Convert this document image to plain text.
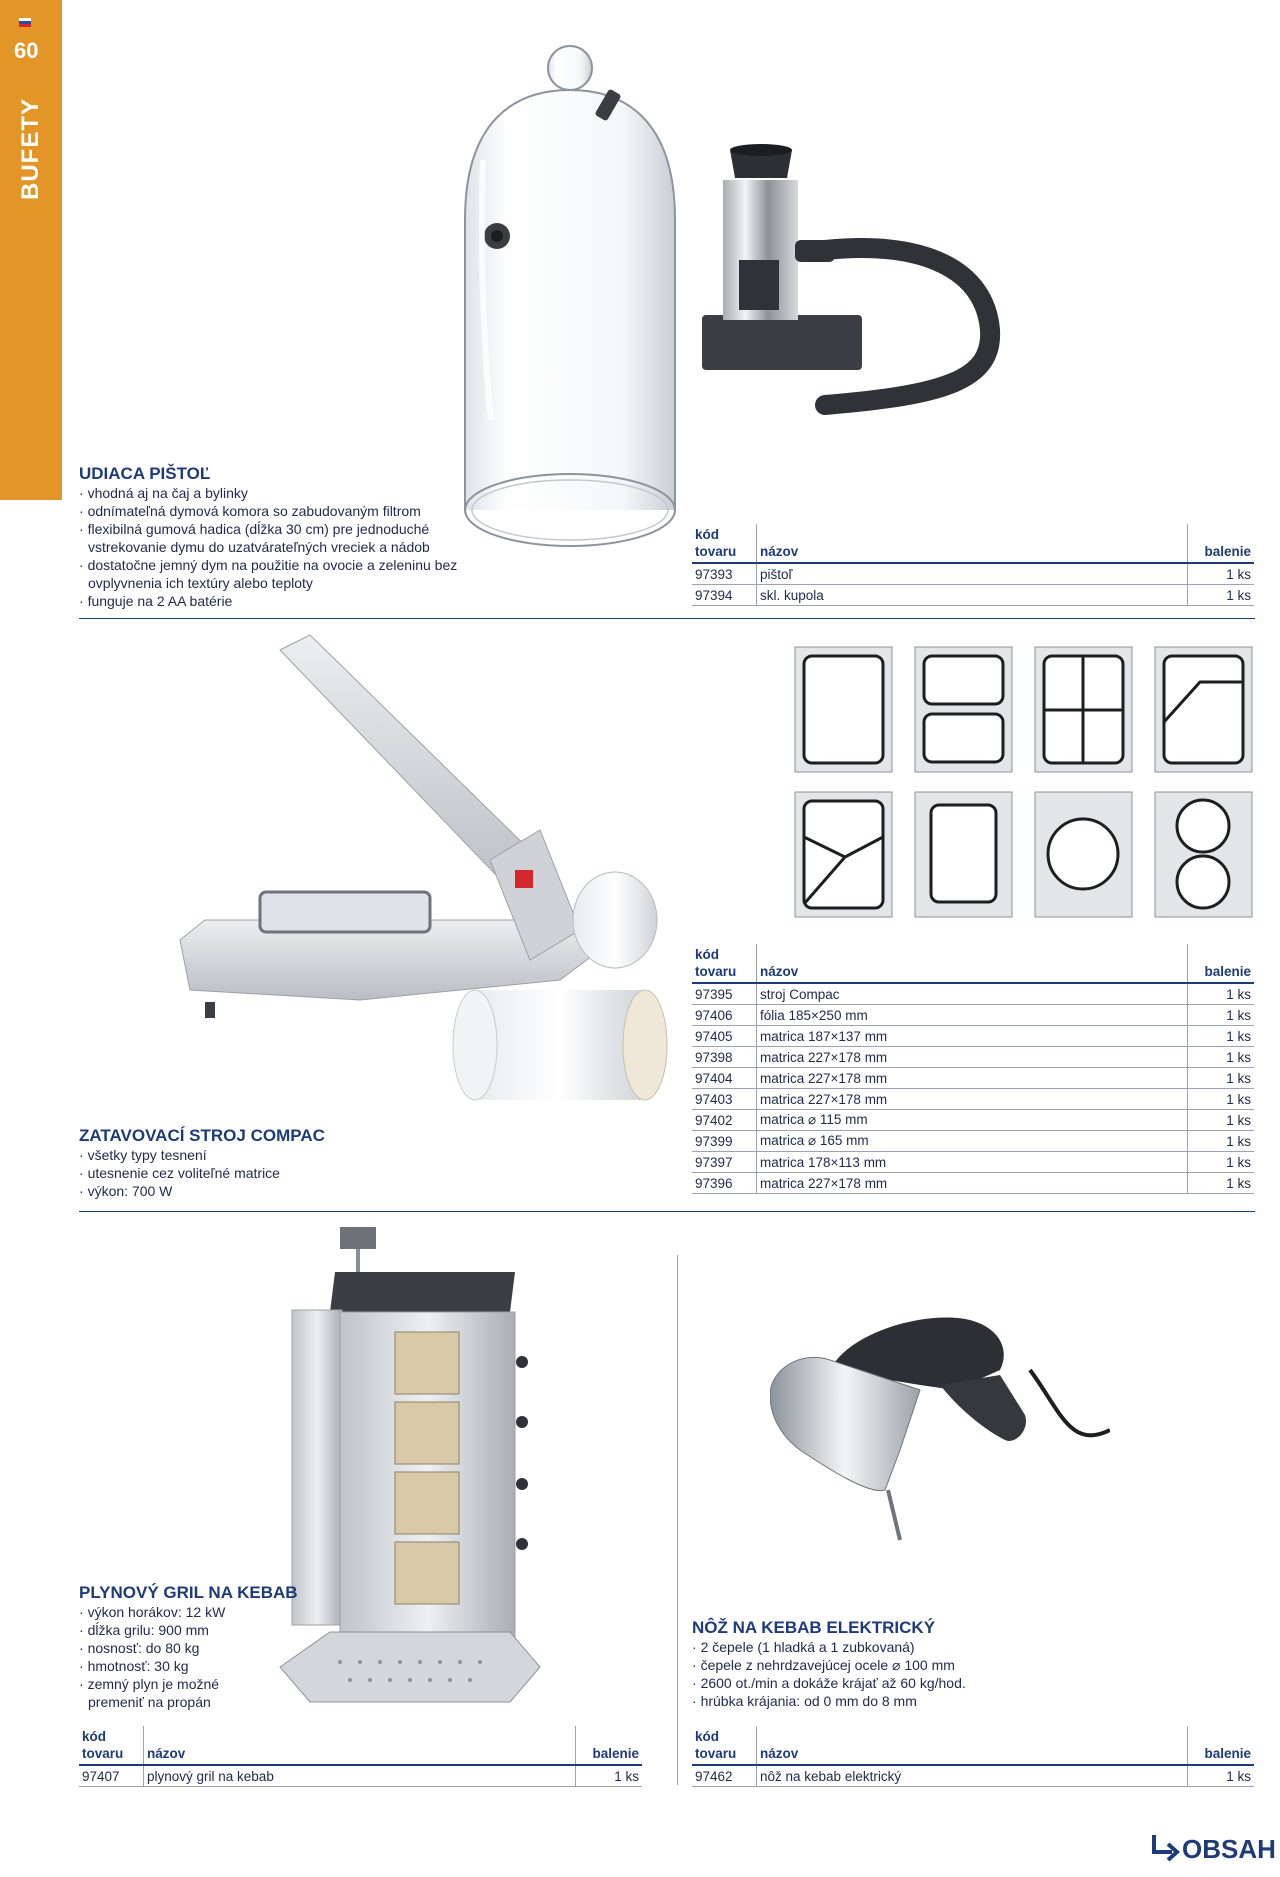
60
BUFETY
UDIACA PIŠTOĽ
· vhodná aj na čaj a bylinky
· odnímateľná dymová komora so zabudovaným filtrom
· flexibilná gumová hadica (dĺžka 30 cm) pre jednoduché vstrekovanie dymu do uzatvárateľných vreciek a nádob
· dostatočne jemný dym na použitie na ovocie a zeleninu bez ovplyvnenia ich textúry alebo teploty
· funguje na 2 AA batérie
kód tovaru	názov	balenie
97393	pištoľ	1 ks
97394	skl. kupola	1 ks
ZATAVOVACÍ STROJ COMPAC
· všetky typy tesnení
· utesnenie cez voliteľné matrice
· výkon: 700 W
kód tovaru	názov	balenie
97395	stroj Compac	1 ks
97406	fólia 185×250 mm	1 ks
97405	matrica 187×137 mm	1 ks
97398	matrica 227×178 mm	1 ks
97404	matrica 227×178 mm	1 ks
97403	matrica 227×178 mm	1 ks
97402	matrica ⌀ 115 mm	1 ks
97399	matrica ⌀ 165 mm	1 ks
97397	matrica 178×113 mm	1 ks
97396	matrica 227×178 mm	1 ks
PLYNOVÝ GRIL NA KEBAB
· výkon horákov: 12 kW
· dĺžka grilu: 900 mm
· nosnosť: do 80 kg
· hmotnosť: 30 kg
· zemný plyn je možné premeniť na propán
kód tovaru	názov	balenie
97407	plynový gril na kebab	1 ks
NÔŽ NA KEBAB ELEKTRICKÝ
· 2 čepele (1 hladká a 1 zubkovaná)
· čepele z nehrdzavejúcej ocele ⌀ 100 mm
· 2600 ot./min a dokáže krájať až 60 kg/hod.
· hrúbka krájania: od 0 mm do 8 mm
kód tovaru	názov	balenie
97462	nôž na kebab elektrický	1 ks
OBSAH
